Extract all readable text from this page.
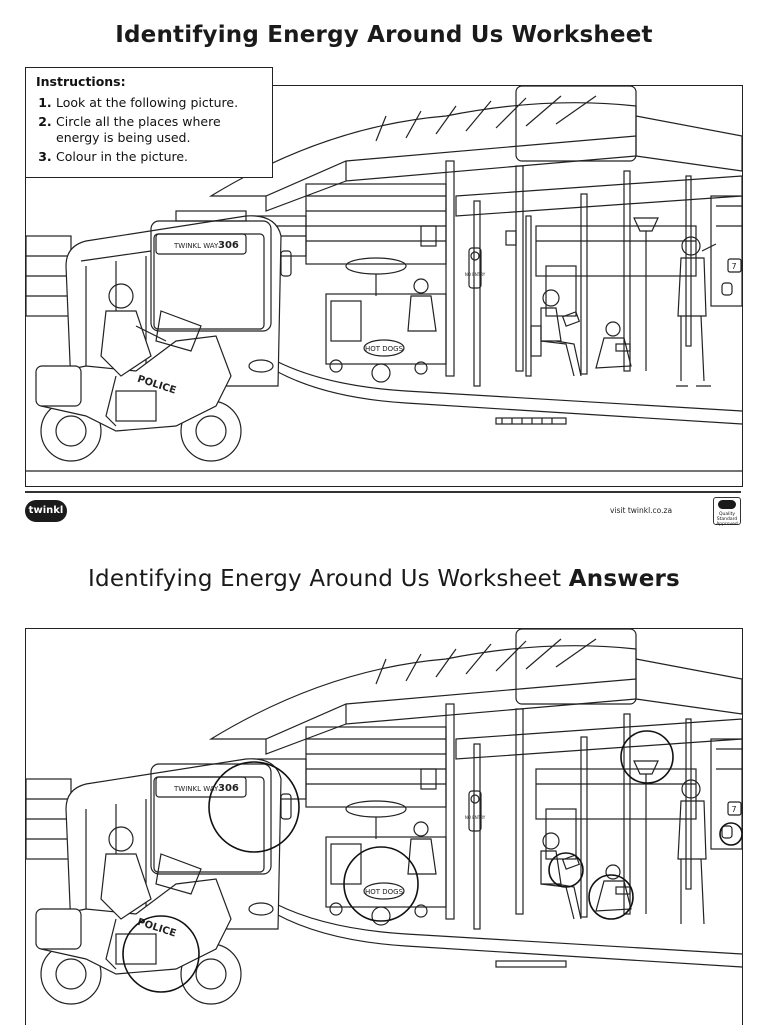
Identifying Energy Around Us Worksheet
Instructions:
1. Look at the following picture.
2. Circle all the places where energy is being used.
3. Colour in the picture.
NO ENTRY
7
TWINKL WAY 306
HOT DOGS
POLICE
twinkl	visit twinkl.co.za	Quality Standard Approved
Identifying Energy Around Us Worksheet Answers
NO ENTRY
7
TWINKL WAY 306
HOT DOGS
POLICE
